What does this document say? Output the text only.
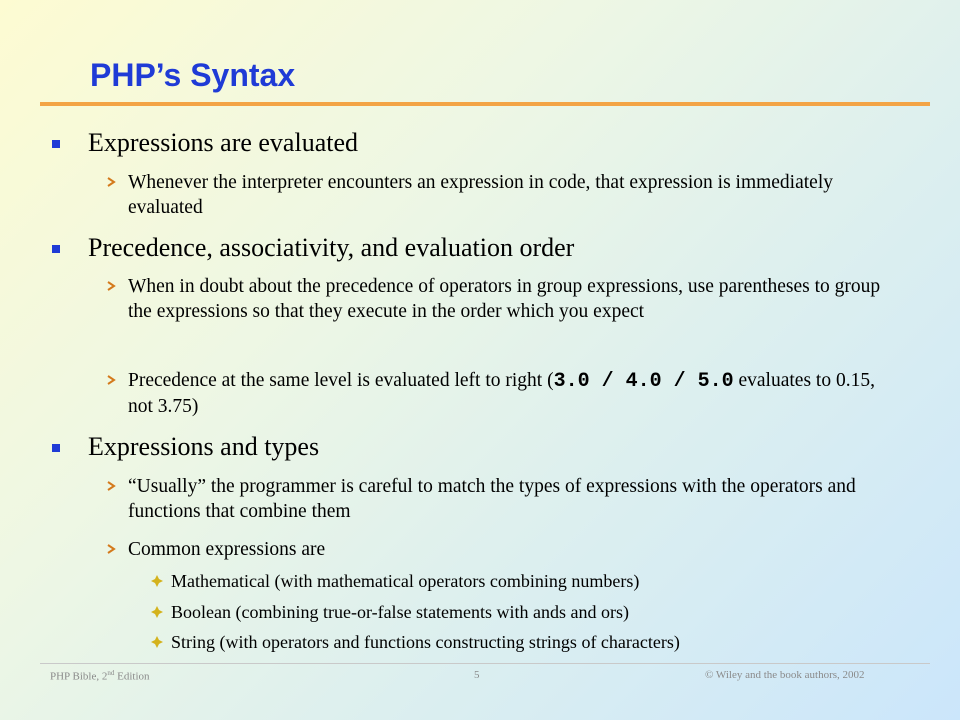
PHP’s Syntax
Expressions are evaluated
Whenever the interpreter encounters an expression in code, that expression is immediately evaluated
Precedence, associativity, and evaluation order
When in doubt about the precedence of operators in group expressions, use parentheses to group the expressions so that they execute in the order which you expect
Precedence at the same level is evaluated left to right (3.0 / 4.0 / 5.0 evaluates to 0.15, not 3.75)
Expressions and types
“Usually” the programmer is careful to match the types of expressions with the operators and functions that combine them
Common expressions are
Mathematical (with mathematical operators combining numbers)
Boolean (combining true-or-false statements with ands and ors)
String (with operators and functions constructing strings of characters)
PHP Bible, 2nd Edition	5	© Wiley and the book authors, 2002
